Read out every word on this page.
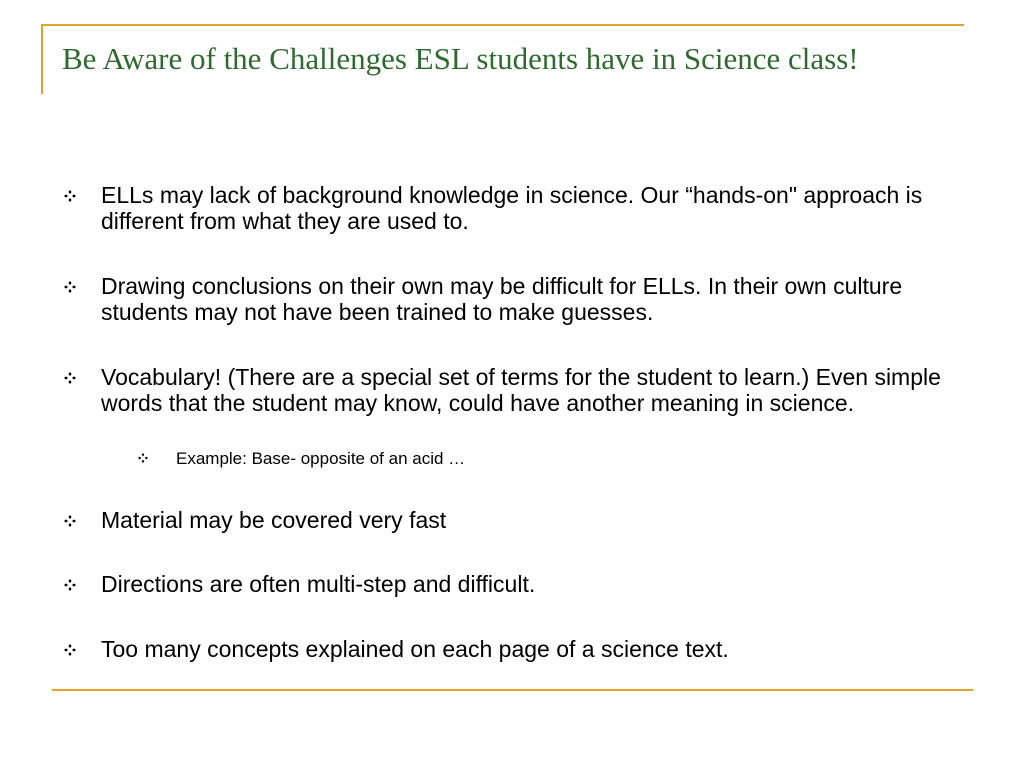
Be Aware of the Challenges ESL students have in Science class!
ELLs may lack of background knowledge in science. Our “hands-on" approach is different from what they are used to.
Drawing conclusions on their own may be difficult for ELLs. In their own culture students may not have been trained to make guesses.
Vocabulary! (There are a special set of terms for the student to learn.) Even simple words that the student may know, could have another meaning in science.
Example: Base- opposite of an acid …
Material may be covered very fast
Directions are often multi-step and difficult.
Too many concepts explained on each page of a science text.
